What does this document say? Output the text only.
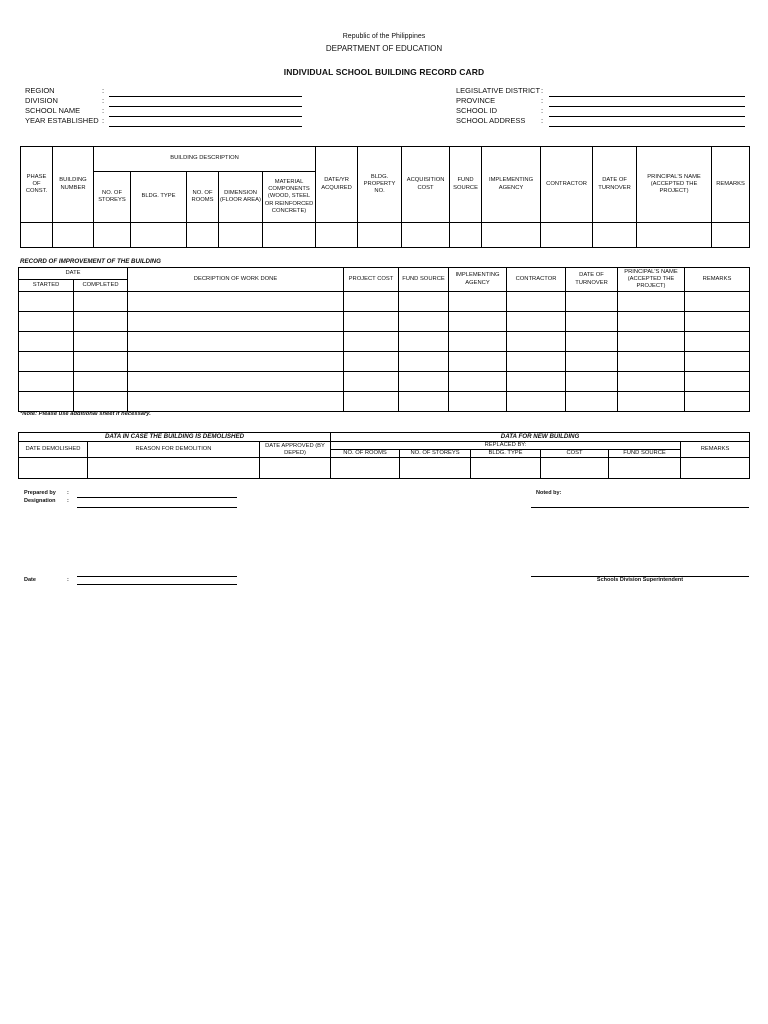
Republic of the Philippines
DEPARTMENT OF EDUCATION
INDIVIDUAL SCHOOL BUILDING RECORD CARD
REGION	:
DIVISION	:
SCHOOL NAME	:
YEAR ESTABLISHED :
LEGISLATIVE DISTRICT :
PROVINCE	:
SCHOOL ID	:
SCHOOL ADDRESS :
PHASE OF CONST.	BUILDING NUMBER	BUILDING DESCRIPTION					DATE/YR ACQUIRED	BLDG. PROPERTY NO.	ACQUISITION COST	FUND SOURCE	IMPLEMENTING AGENCY	CONTRACTOR	DATE OF TURNOVER	PRINCIPAL'S NAME (ACCEPTED THE PROJECT)	REMARKS
		NO. OF STOREYS	BLDG. TYPE	NO. OF ROOMS	DIMENSION (FLOOR AREA)	MATERIAL COMPONENTS (WOOD, STEEL OR REINFORCED CONCRETE)									

RECORD OF IMPROVEMENT OF THE BUILDING
DATE		DECRIPTION OF WORK DONE	PROJECT COST	FUND SOURCE	IMPLEMENTING AGENCY	CONTRACTOR	DATE OF TURNOVER	PRINCIPAL'S NAME (ACCEPTED THE PROJECT)	REMARKS
STARTED	COMPLETED								

*Note: Please use additional sheet if necessary.
DATA IN CASE THE BUILDING IS DEMOLISHED			DATA FOR NEW BUILDING					
DATE DEMOLISHED	REASON FOR DEMOLITION	DATE APPROVED (BY DEPED)	REPLACED BY:					REMARKS
			NO. OF ROOMS	NO. OF STOREYS	BLDG. TYPE	COST	FUND SOURCE	

Prepared by :
Designation :
Noted by:
Date	:	Schools Division Superintendent
